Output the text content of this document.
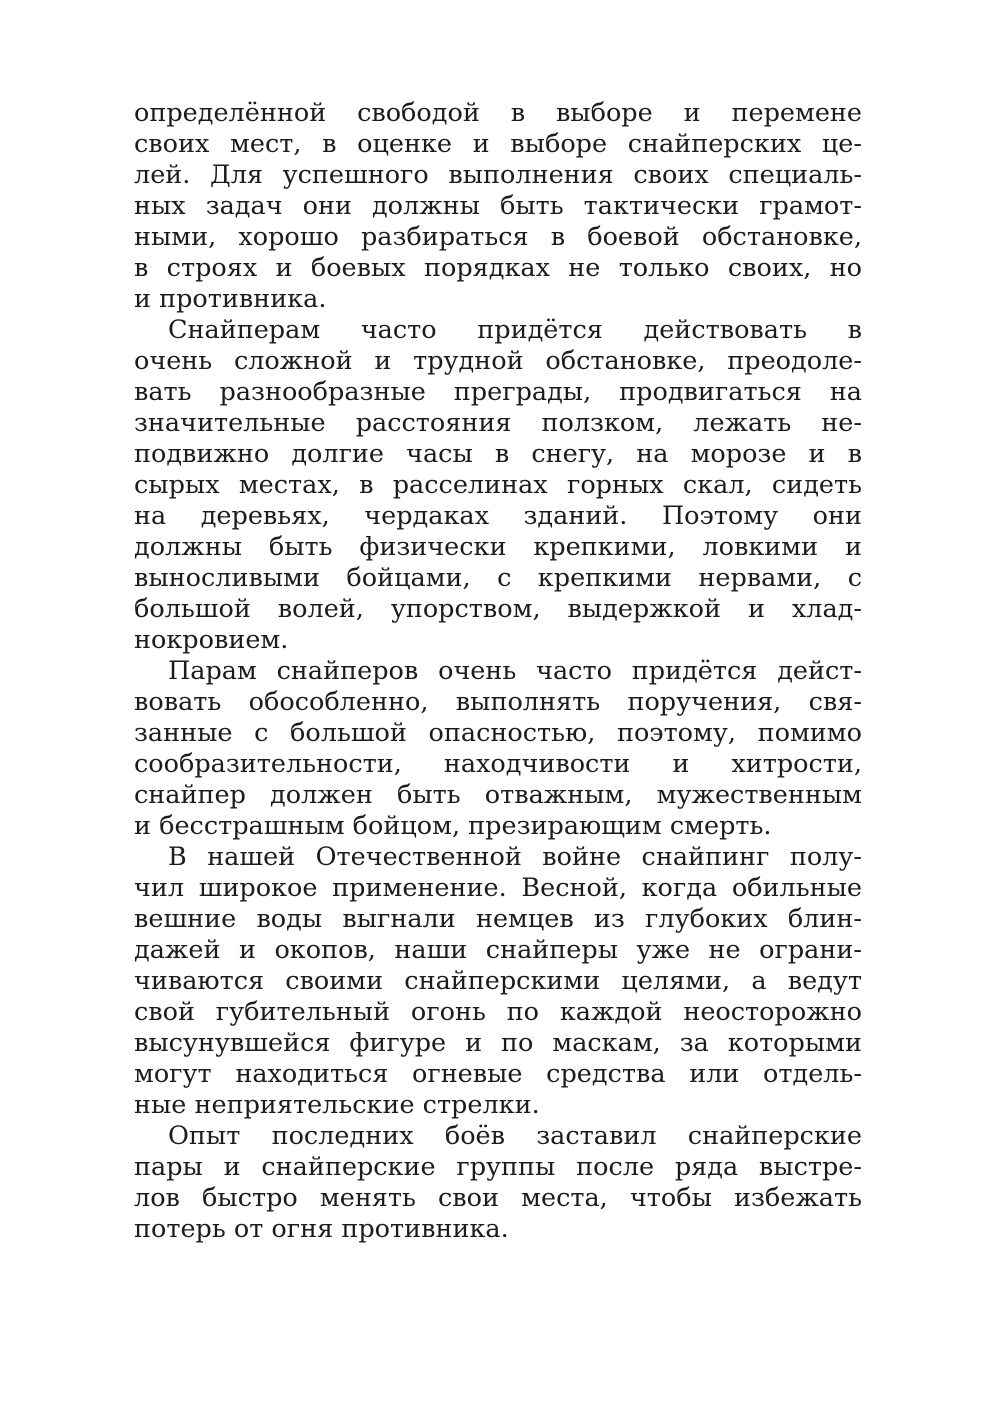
определённой свободой в выборе и перемене
своих мест, в оценке и выборе снайперских це-
лей. Для успешного выполнения своих специаль-
ных задач они должны быть тактически грамот-
ными, хорошо разбираться в боевой обстановке,
в строях и боевых порядках не только своих, но
и противника.
Снайперам часто придётся действовать в
очень сложной и трудной обстановке, преодоле-
вать разнообразные преграды, продвигаться на
значительные расстояния ползком, лежать не-
подвижно долгие часы в снегу, на морозе и в
сырых местах, в расселинах горных скал, сидеть
на деревьях, чердаках зданий. Поэтому они
должны быть физически крепкими, ловкими и
выносливыми бойцами, с крепкими нервами, с
большой волей, упорством, выдержкой и хлад-
нокровием.
Парам снайперов очень часто придётся дейст-
вовать обособленно, выполнять поручения, свя-
занные с большой опасностью, поэтому, помимо
сообразительности, находчивости и хитрости,
снайпер должен быть отважным, мужественным
и бесстрашным бойцом, презирающим смерть.
В нашей Отечественной войне снайпинг полу-
чил широкое применение. Весной, когда обильные
вешние воды выгнали немцев из глубоких блин-
дажей и окопов, наши снайперы уже не ограни-
чиваются своими снайперскими целями, а ведут
свой губительный огонь по каждой неосторожно
высунувшейся фигуре и по маскам, за которыми
могут находиться огневые средства или отдель-
ные неприятельские стрелки.
Опыт последних боёв заставил снайперские
пары и снайперские группы после ряда выстре-
лов быстро менять свои места, чтобы избежать
потерь от огня противника.
